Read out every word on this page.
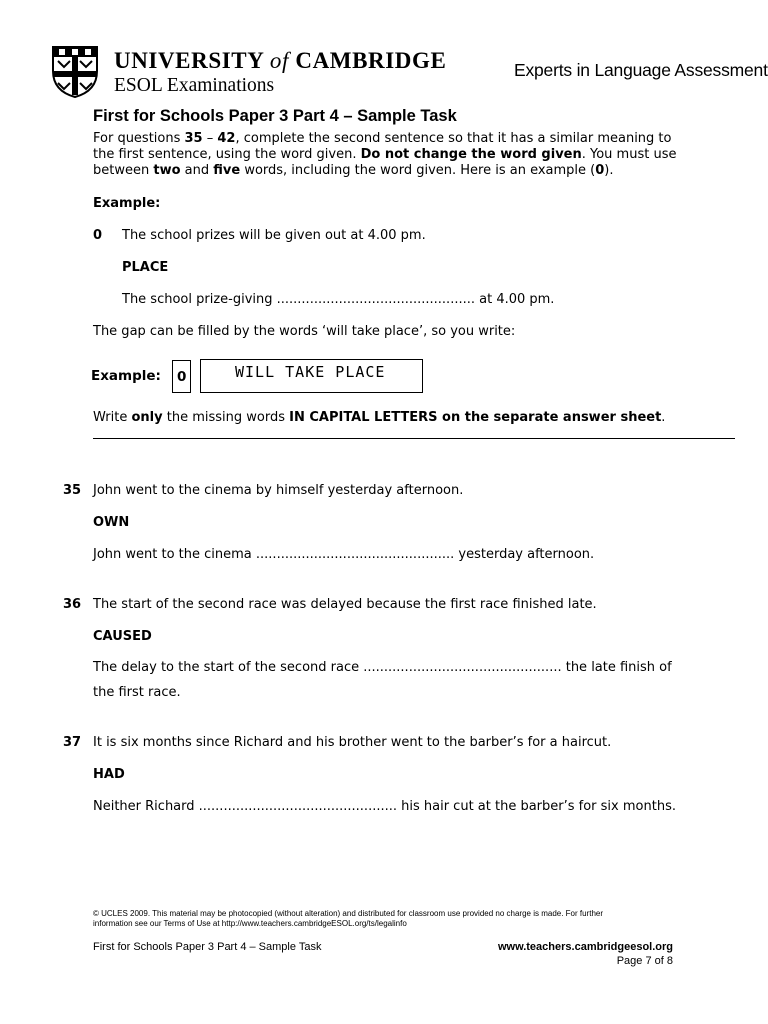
UNIVERSITY of CAMBRIDGE
ESOL Examinations
Experts in Language Assessment
First for Schools Paper 3 Part 4 – Sample Task
For questions 35 – 42, complete the second sentence so that it has a similar meaning to
the first sentence, using the word given. Do not change the word given. You must use
between two and five words, including the word given. Here is an example (0).
Example:
0 The school prizes will be given out at 4.00 pm.
PLACE
The school prize-giving ................................................ at 4.00 pm.
The gap can be filled by the words ‘will take place’, so you write:
Example: 0	WILL TAKE PLACE
Write only the missing words IN CAPITAL LETTERS on the separate answer sheet.
35 John went to the cinema by himself yesterday afternoon.
OWN
John went to the cinema ................................................ yesterday afternoon.
36 The start of the second race was delayed because the first race finished late.
CAUSED
The delay to the start of the second race ................................................ the late finish of
the first race.
37 It is six months since Richard and his brother went to the barber’s for a haircut.
HAD
Neither Richard ................................................ his hair cut at the barber’s for six months.
© UCLES 2009. This material may be photocopied (without alteration) and distributed for classroom use provided no charge is made. For further
information see our Terms of Use at http://www.teachers.cambridgeESOL.org/ts/legalinfo
First for Schools Paper 3 Part 4 – Sample Task	www.teachers.cambridgeesol.org
Page 7 of 8
